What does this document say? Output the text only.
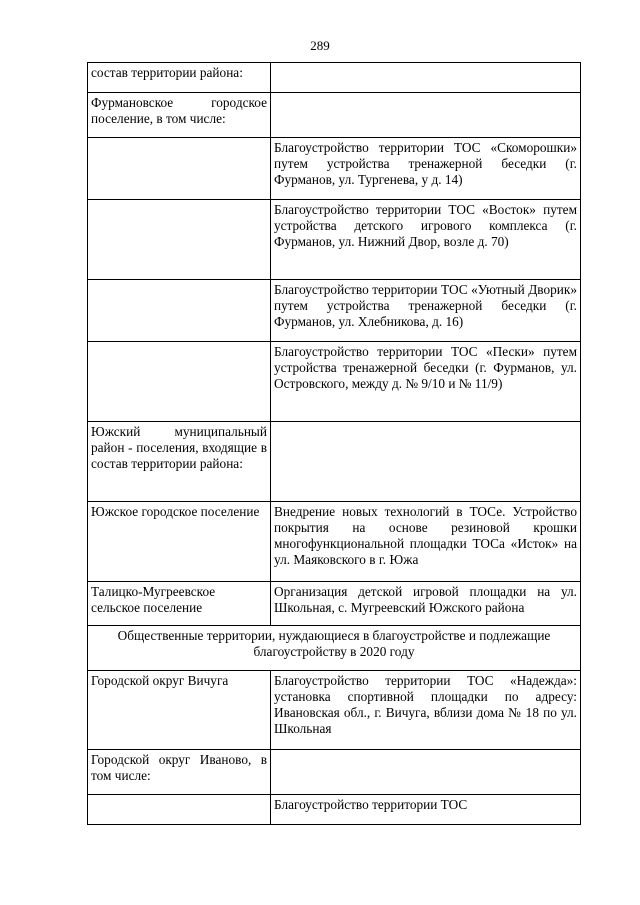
289
состав территории района:	
Фурмановское городское поселение, в том числе:	
	Благоустройство территории ТОС «Скоморошки» путем устройства тренажерной беседки (г. Фурманов, ул. Тургенева, у д. 14)
	Благоустройство территории ТОС «Восток» путем устройства детского игрового комплекса (г. Фурманов, ул. Нижний Двор, возле д. 70)
	Благоустройство территории ТОС «Уютный Дворик» путем устройства тренажерной беседки (г. Фурманов, ул. Хлебникова, д. 16)
	Благоустройство территории ТОС «Пески» путем устройства тренажерной беседки (г. Фурманов, ул. Островского, между д. № 9/10 и № 11/9)
Южский муниципальный район - поселения, входящие в состав территории района:	
Южское городское поселение	Внедрение новых технологий в ТОСе. Устройство покрытия на основе резиновой крошки многофункциональной площадки ТОСа «Исток» на ул. Маяковского в г. Южа
Талицко-Мугреевское сельское поселение	Организация детской игровой площадки на ул. Школьная, с. Мугреевский Южского района
Общественные территории, нуждающиеся в благоустройстве и подлежащие благоустройству в 2020 году	
Городской округ Вичуга	Благоустройство территории ТОС «Надежда»: установка спортивной площадки по адресу: Ивановская обл., г. Вичуга, вблизи дома № 18 по ул. Школьная
Городской округ Иваново, в том числе:	
	Благоустройство территории ТОС
